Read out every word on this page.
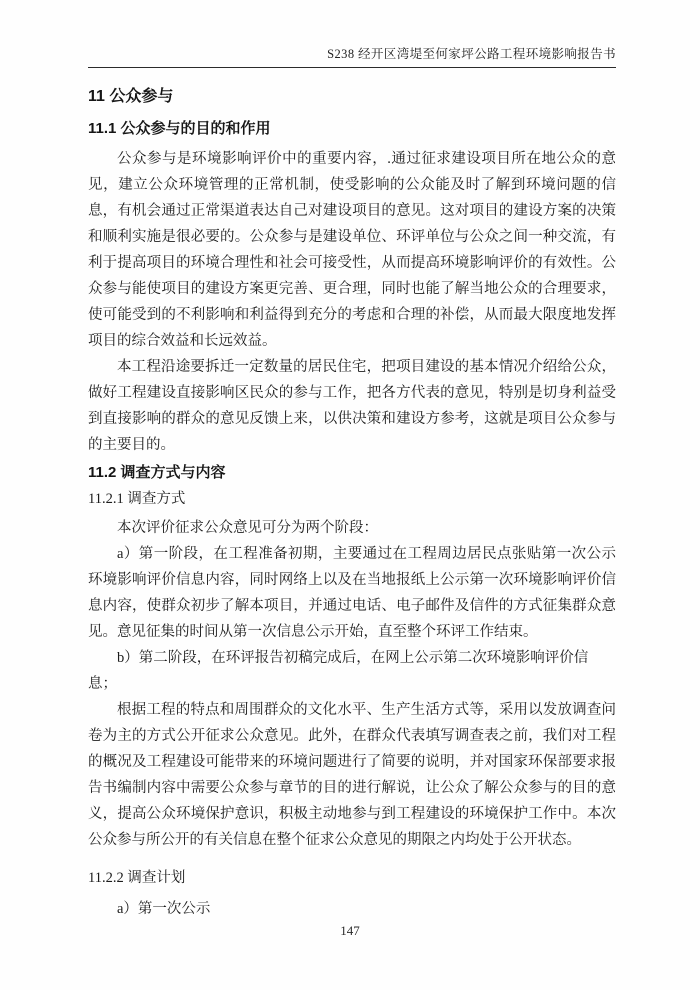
S238 经开区湾堤至何家坪公路工程环境影响报告书
11 公众参与
11.1 公众参与的目的和作用

公众参与是环境影响评价中的重要内容，.通过征求建设项目所在地公众的意见，建立公众环境管理的正常机制，使受影响的公众能及时了解到环境问题的信息，有机会通过正常渠道表达自己对建设项目的意见。这对项目的建设方案的决策和顺利实施是很必要的。公众参与是建设单位、环评单位与公众之间一种交流，有利于提高项目的环境合理性和社会可接受性，从而提高环境影响评价的有效性。公众参与能使项目的建设方案更完善、更合理，同时也能了解当地公众的合理要求，使可能受到的不利影响和利益得到充分的考虑和合理的补偿，从而最大限度地发挥项目的综合效益和长远效益。

本工程沿途要拆迁一定数量的居民住宅，把项目建设的基本情况介绍给公众，做好工程建设直接影响区民众的参与工作，把各方代表的意见，特别是切身利益受到直接影响的群众的意见反馈上来，以供决策和建设方参考，这就是项目公众参与的主要目的。

11.2 调查方式与内容
11.2.1 调查方式

本次评价征求公众意见可分为两个阶段：

a）第一阶段，在工程准备初期，主要通过在工程周边居民点张贴第一次公示环境影响评价信息内容，同时网络上以及在当地报纸上公示第一次环境影响评价信息内容，使群众初步了解本项目，并通过电话、电子邮件及信件的方式征集群众意见。意见征集的时间从第一次信息公示开始，直至整个环评工作结束。

b）第二阶段，在环评报告初稿完成后，在网上公示第二次环境影响评价信息；

根据工程的特点和周围群众的文化水平、生产生活方式等，采用以发放调查问卷为主的方式公开征求公众意见。此外，在群众代表填写调查表之前，我们对工程的概况及工程建设可能带来的环境问题进行了简要的说明，并对国家环保部要求报告书编制内容中需要公众参与章节的目的进行解说，让公众了解公众参与的目的意义，提高公众环境保护意识，积极主动地参与到工程建设的环境保护工作中。本次公众参与所公开的有关信息在整个征求公众意见的期限之内均处于公开状态。

11.2.2 调查计划

a）第一次公示

147
